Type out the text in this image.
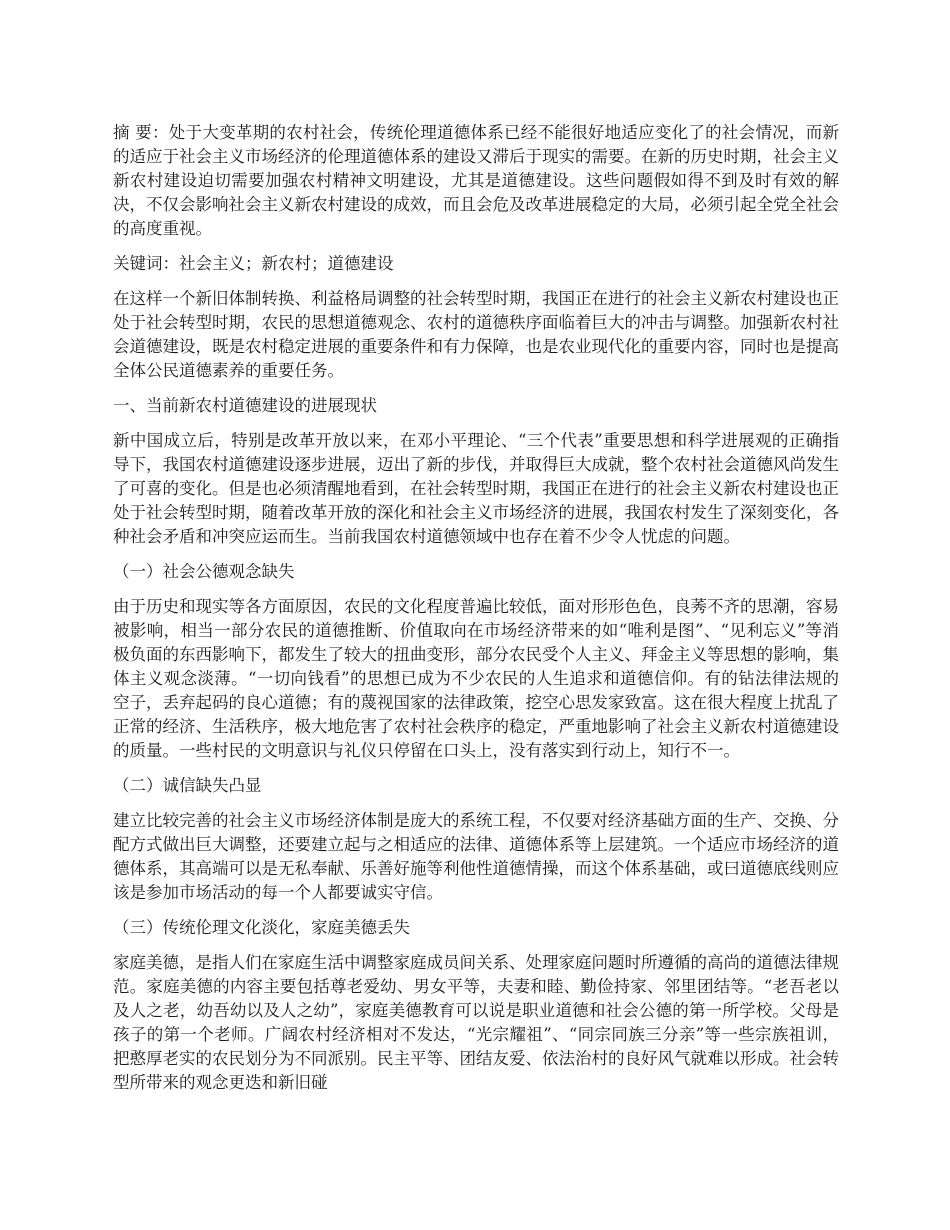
摘 要：处于大变革期的农村社会，传统伦理道德体系已经不能很好地适应变化了的社会情况，而新的适应于社会主义市场经济的伦理道德体系的建设又滞后于现实的需要。在新的历史时期，社会主义新农村建设迫切需要加强农村精神文明建设，尤其是道德建设。这些问题假如得不到及时有效的解决，不仅会影响社会主义新农村建设的成效，而且会危及改革进展稳定的大局，必须引起全党全社会的高度重视。

关键词：社会主义；新农村；道德建设

在这样一个新旧体制转换、利益格局调整的社会转型时期，我国正在进行的社会主义新农村建设也正处于社会转型时期，农民的思想道德观念、农村的道德秩序面临着巨大的冲击与调整。加强新农村社会道德建设，既是农村稳定进展的重要条件和有力保障，也是农业现代化的重要内容，同时也是提高全体公民道德素养的重要任务。

一、当前新农村道德建设的进展现状

新中国成立后，特别是改革开放以来，在邓小平理论、“三个代表”重要思想和科学进展观的正确指导下，我国农村道德建设逐步进展，迈出了新的步伐，并取得巨大成就，整个农村社会道德风尚发生了可喜的变化。但是也必须清醒地看到，在社会转型时期，我国正在进行的社会主义新农村建设也正处于社会转型时期，随着改革开放的深化和社会主义市场经济的进展，我国农村发生了深刻变化，各种社会矛盾和冲突应运而生。当前我国农村道德领域中也存在着不少令人忧虑的问题。

（一）社会公德观念缺失

由于历史和现实等各方面原因，农民的文化程度普遍比较低，面对形形色色，良莠不齐的思潮，容易被影响，相当一部分农民的道德推断、价值取向在市场经济带来的如“唯利是图”、“见利忘义”等消极负面的东西影响下，都发生了较大的扭曲变形，部分农民受个人主义、拜金主义等思想的影响，集体主义观念淡薄。“一切向钱看”的思想已成为不少农民的人生追求和道德信仰。有的钻法律法规的空子，丢弃起码的良心道德；有的蔑视国家的法律政策，挖空心思发家致富。这在很大程度上扰乱了正常的经济、生活秩序，极大地危害了农村社会秩序的稳定，严重地影响了社会主义新农村道德建设的质量。一些村民的文明意识与礼仪只停留在口头上，没有落实到行动上，知行不一。

（二）诚信缺失凸显

建立比较完善的社会主义市场经济体制是庞大的系统工程，不仅要对经济基础方面的生产、交换、分配方式做出巨大调整，还要建立起与之相适应的法律、道德体系等上层建筑。一个适应市场经济的道德体系，其高端可以是无私奉献、乐善好施等利他性道德情操，而这个体系基础，或曰道德底线则应该是参加市场活动的每一个人都要诚实守信。

（三）传统伦理文化淡化，家庭美德丢失

家庭美德，是指人们在家庭生活中调整家庭成员间关系、处理家庭问题时所遵循的高尚的道德法律规范。家庭美德的内容主要包括尊老爱幼、男女平等，夫妻和睦、勤俭持家、邻里团结等。“老吾老以及人之老，幼吾幼以及人之幼”，家庭美德教育可以说是职业道德和社会公德的第一所学校。父母是孩子的第一个老师。广阔农村经济相对不发达，“光宗耀祖”、“同宗同族三分亲”等一些宗族祖训，把憨厚老实的农民划分为不同派别。民主平等、团结友爱、依法治村的良好风气就难以形成。社会转型所带来的观念更迭和新旧碰
